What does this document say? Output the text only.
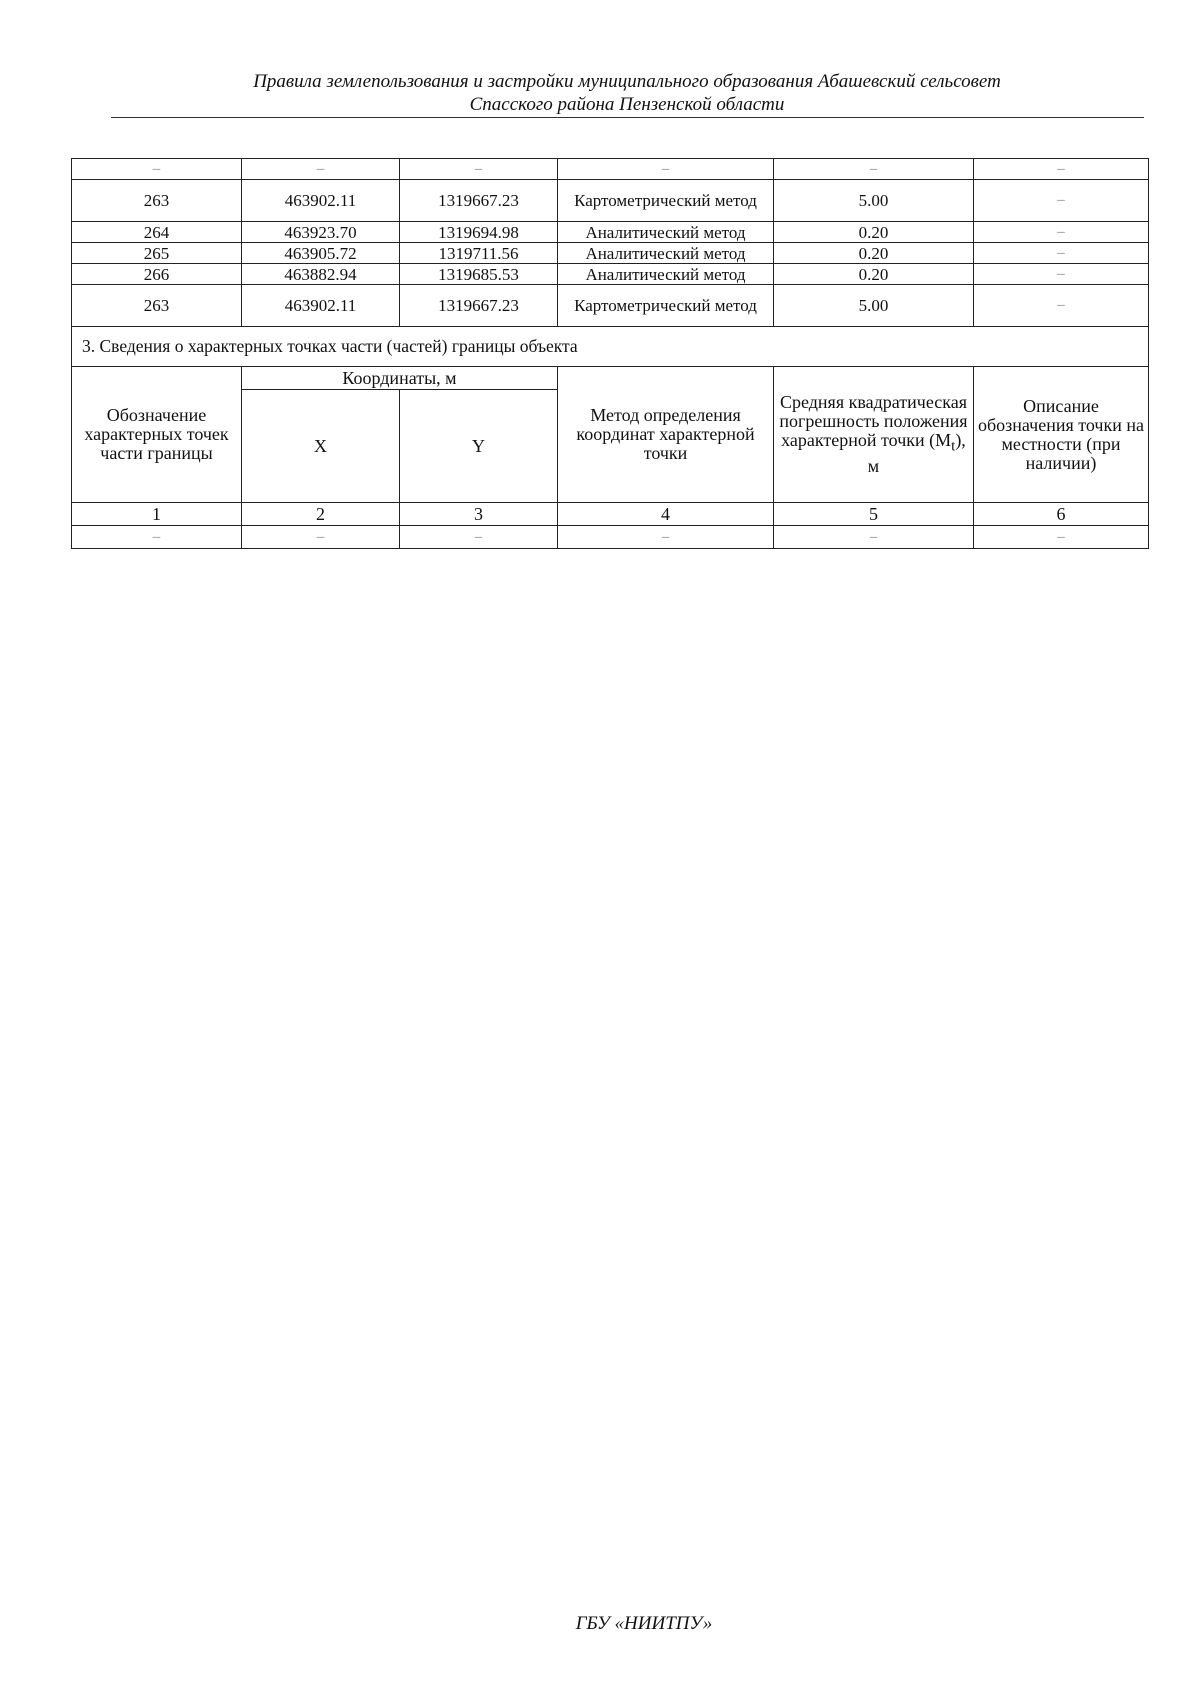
Правила землепользования и застройки муниципального образования Абашевский сельсовет
Спасского района Пензенской области
–	–	–	–	–	–
263	463902.11	1319667.23	Картометрический метод	5.00	–
264	463923.70	1319694.98	Аналитический метод	0.20	–
265	463905.72	1319711.56	Аналитический метод	0.20	–
266	463882.94	1319685.53	Аналитический метод	0.20	–
263	463902.11	1319667.23	Картометрический метод	5.00	–
3. Сведения о характерных точках части (частей) границы объекта					
Обозначение характерных точек части границы	Координаты, м		Метод определения координат характерной точки	Средняя квадратическая погрешность положения характерной точки $(M_t)$, м	Описание обозначения точки на местности (при наличии)
	X	Y			
1	2	3	4	5	6
–	–	–	–	–	–
ГБУ «НИИТПУ»
